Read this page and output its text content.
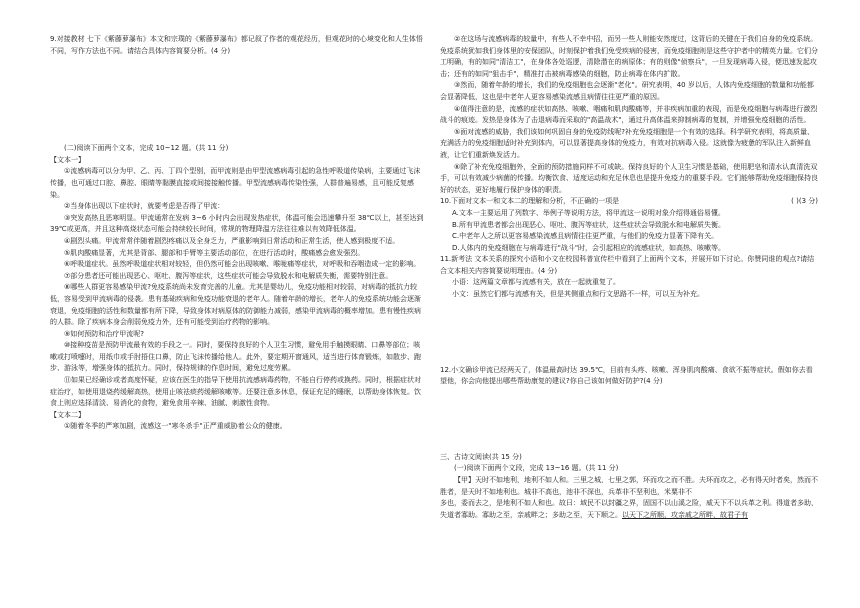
9.对接教材 七下《紫藤萝瀑布》本文和宗璞的《紫藤萝瀑布》都记叙了作者的观花经历，但观花时的心境变化和人生体悟不同，写作方法也不同。请结合具体内容简要分析。(4 分)

(二)阅读下面两个文本，完成 10~12 题。(共 11 分)

【文本一】

①流感病毒可以分为甲、乙、丙、丁四个型别，而甲流则是由甲型流感病毒引起的急性呼吸道传染病，主要通过飞沫传播，也可通过口腔、鼻腔、眼睛等黏膜直接或间接接触传播。甲型流感病毒传染性强，人群普遍易感，且可能反复感染。

②当身体出现以下症状时，就要考虑是否得了甲流：

③突发高热且恶寒明显。甲流通常在发病 3~6 小时内会出现发热症状，体温可能会迅速攀升至 38℃以上，甚至达到 39℃或更高，并且这种高烧状态可能会持续较长时间，常规的物理降温方法往往难以有效降低体温。

④剧烈头痛。甲流常常伴随着剧烈疼痛以及全身乏力，严重影响到日常活动和正常生活，使人感到极度不适。

⑤肌肉酸痛显著，尤其是背部、腿部和手臂等主要活动部位，在进行活动时，酸痛感会愈发强烈。

⑥呼吸道症状。虽然呼吸道症状相对较轻，但仍然可能会出现咳嗽、喉咙痛等症状，对呼吸和吞咽造成一定的影响。

⑦部分患者还可能出现恶心、呕吐、腹泻等症状，这些症状可能会导致脱水和电解质失衡，需要特别注意。

⑧哪些人群更容易感染甲流?免疫系统尚未发育完善的儿童。尤其是婴幼儿，免疫功能相对较弱，对病毒的抵抗力较低，容易受到甲流病毒的侵袭。患有基础疾病和免疫功能衰退的老年人。随着年龄的增长，老年人的免疫系统功能会逐渐衰退，免疫细胞的活性和数量都有所下降，导致身体对病原体的防御能力减弱，感染甲流病毒的概率增加。患有慢性疾病的人群。除了疾病本身会削弱免疫力外，还有可能受到治疗药物的影响。

⑨如何预防和治疗甲流呢?

⑩接种疫苗是预防甲流最有效的手段之一。同时，要保持良好的个人卫生习惯，避免用手触摸眼睛、口鼻等部位；咳嗽或打喷嚏时，用纸巾或手肘捂住口鼻，防止飞沫传播给他人。此外，要定期开窗通风，适当进行体育锻炼，如散步、跑步、游泳等，增强身体的抵抗力。同时，保持规律的作息时间，避免过度劳累。

⑪如果已经确诊或者高度怀疑，应该在医生的指导下使用抗流感病毒药物，不能自行停药或换药。同时，根据症状对症治疗，如使用退烧药缓解高热，使用止咳祛痰药缓解咳嗽等。还要注意多休息，保证充足的睡眠，以帮助身体恢复。饮食上则应选择清淡、易消化的食物，避免食用辛辣、油腻、刺激性食物。

【文本二】

①随着冬季的严寒加剧，流感这一"寒冬杀手"正严重威胁着公众的健康。

②在这场与流感病毒的较量中，有些人不幸中招，而另一些人则能安然度过，这背后的关键在于我们自身的免疫系统。免疫系统犹如我们身体里的安保团队，时刻保护着我们免受疾病的侵害，而免疫细胞则是这些守护者中的精英力量。它们分工明确，有的如同"清洁工"，在身体各处巡逻，清除潜在的病原体；有的则像"侦察兵"，一旦发现病毒入侵，便迅速发起攻击；还有的如同"狙击手"，精准打击被病毒感染的细胞，防止病毒在体内扩散。

③然而，随着年龄的增长，我们的免疫细胞也会逐渐"老化"。研究表明，40 岁以后，人体内免疫细胞的数量和功能都会显著降低，这也是中老年人更容易感染流感且病情往往更严重的原因。

④值得注意的是，流感的症状如高热、咳嗽、咽痛和肌肉酸痛等，并非疾病加重的表现，而是免疫细胞与病毒进行激烈战斗的痕迹。发热是身体为了击退病毒而采取的"高温战术"，通过升高体温来抑制病毒的复制，并增强免疫细胞的活性。

⑤面对流感的威胁，我们该如何巩固自身的免疫防线呢?补充免疫细胞是一个有效的选择。科学研究表明，将高质量、充满活力的免疫细胞适时补充到体内，可以显著提高身体的免疫力，有效对抗病毒入侵。这就像为疲惫的军队注入新鲜血液，让它们重新焕发活力。

⑥除了补充免疫细胞外，全面的预防措施同样不可或缺。保持良好的个人卫生习惯是基础，使用肥皂和清水认真清洗双手，可以有效减少病菌的传播。均衡饮食、适度运动和充足休息也是提升免疫力的重要手段。它们能够帮助免疫细胞保持良好的状态，更好地履行保护身体的职责。

10.下面对文本一和文本二的理解和分析，不正确的一项是	( )(3 分)

A.文本一主要运用了列数字、举例子等说明方法，将甲流这一说明对象介绍得通俗易懂。

B.所有甲流患者都会出现恶心、呕吐、腹泻等症状，这些症状会导致脱水和电解质失衡。

C.中老年人之所以更容易感染流感且病情往往更严重，与他们的免疫力显著下降有关。

D.人体内的免疫细胞在与病毒进行"战斗"时，会引起相应的流感症状，如高热、咳嗽等。

11.新考法 文本关系的探究小语和小文在校园科普宣传栏中看到了上面两个文本，并展开如下讨论。你赞同谁的观点?请结合文本相关内容简要说明理由。(4 分)

小语：这两篇文章都与流感有关，放在一起就重复了。

小文：虽然它们都与流感有关，但是其侧重点和行文思路不一样，可以互为补充。

12.小文确诊甲流已经两天了，体温最高时达 39.5℃，目前有头疼、咳嗽、浑身肌肉酸痛、食欲不振等症状。假如你去看望他，你会向他提出哪些帮助康复的建议?你自己该如何做好防护?(4 分)

三、古诗文阅读(共 15 分)

(一)阅读下面两个文段，完成 13~16 题。(共 11 分)

【甲】天时不如地利，地利不如人和。三里之城，七里之郭，环而攻之而不胜。夫环而攻之，必有得天时者矣，然而不胜者，是天时不如地利也。城非不高也，池非不深也，兵革非不坚利也，米粟非不

多也，委而去之，是地利不如人和也。故曰：域民不以封疆之界，固国不以山溪之险，威天下不以兵革之利。得道者多助，失道者寡助。寡助之至，亲戚畔之；多助之至，天下顺之。以天下之所顺，攻亲戚之所畔，故君子有
